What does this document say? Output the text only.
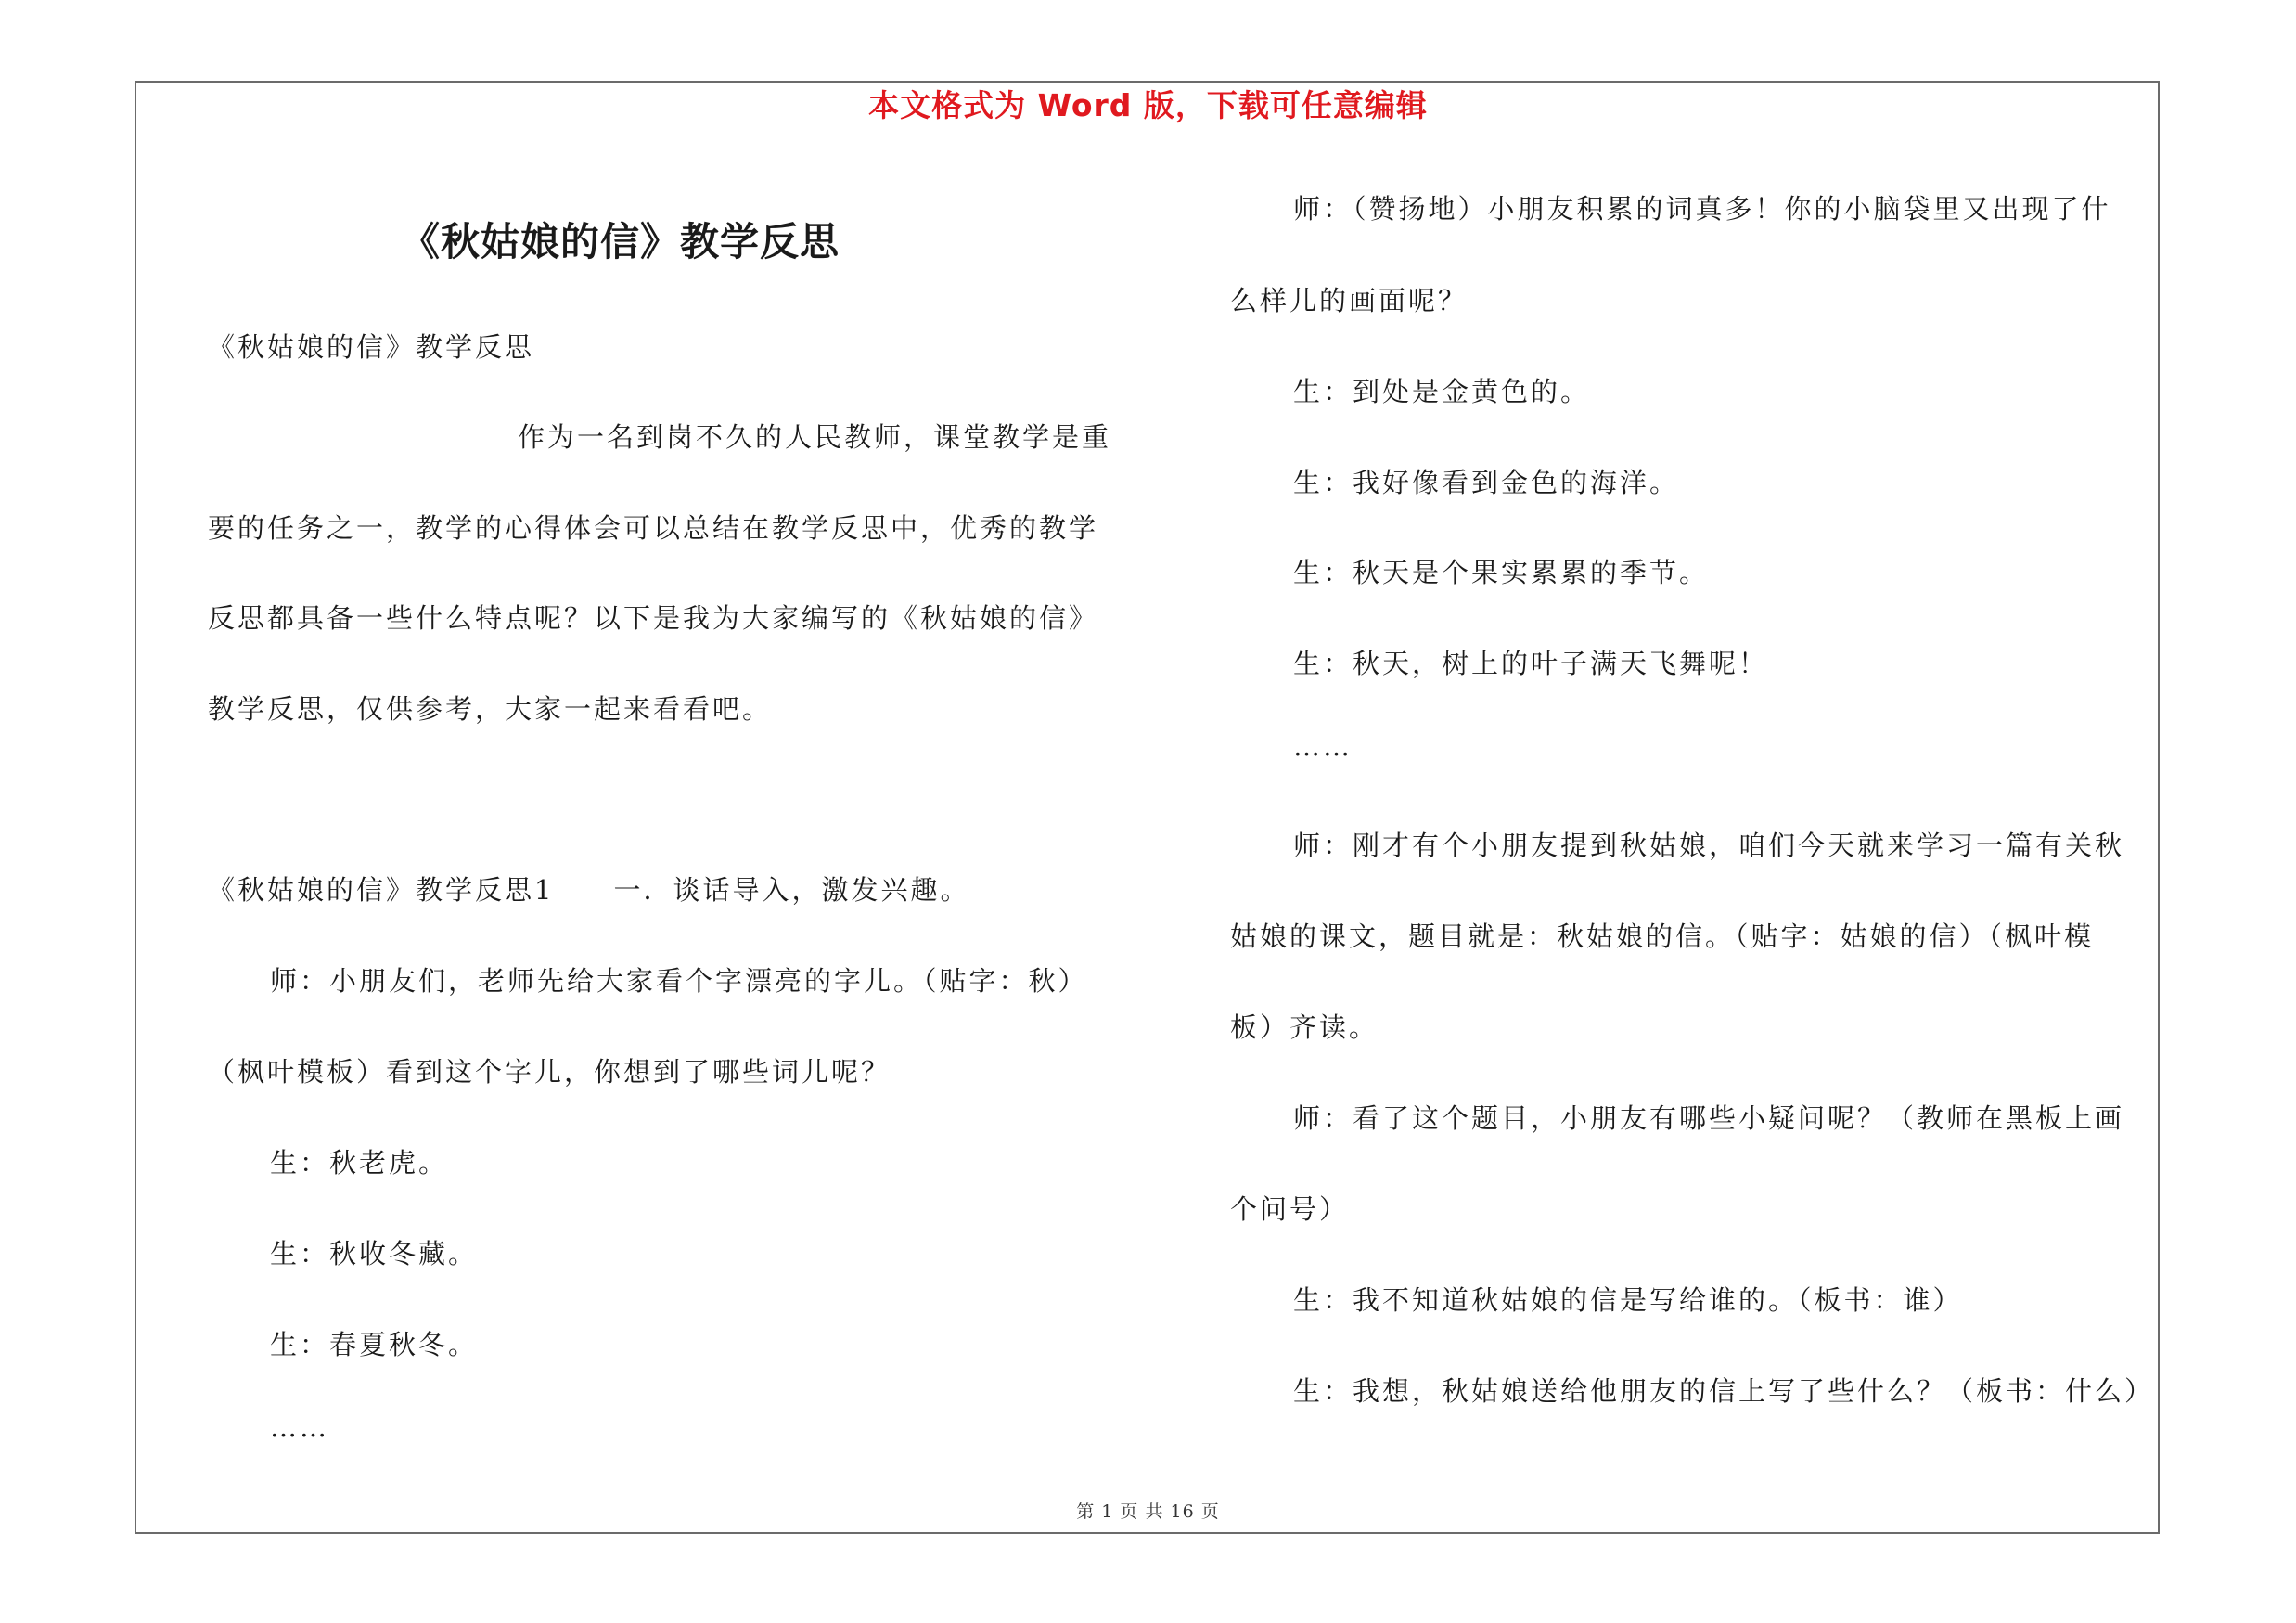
本文格式为 Word 版，下载可任意编辑
《秋姑娘的信》教学反思
《秋姑娘的信》教学反思
作为一名到岗不久的人民教师，课堂教学是重
要的任务之一，教学的心得体会可以总结在教学反思中，优秀的教学
反思都具备一些什么特点呢？以下是我为大家编写的《秋姑娘的信》
教学反思，仅供参考，大家一起来看看吧。
《秋姑娘的信》教学反思1　　一．谈话导入，激发兴趣。
师：小朋友们，老师先给大家看个字漂亮的字儿。（贴字：秋）
（枫叶模板）看到这个字儿，你想到了哪些词儿呢？
生：秋老虎。
生：秋收冬藏。
生：春夏秋冬。
……
师：（赞扬地）小朋友积累的词真多！你的小脑袋里又出现了什
么样儿的画面呢？
生：到处是金黄色的。
生：我好像看到金色的海洋。
生：秋天是个果实累累的季节。
生：秋天，树上的叶子满天飞舞呢！
……
师：刚才有个小朋友提到秋姑娘，咱们今天就来学习一篇有关秋
姑娘的课文，题目就是：秋姑娘的信。（贴字：姑娘的信）（枫叶模
板）齐读。
师：看了这个题目，小朋友有哪些小疑问呢？（教师在黑板上画
个问号）
生：我不知道秋姑娘的信是写给谁的。（板书：谁）
生：我想，秋姑娘送给他朋友的信上写了些什么？（板书：什么）
第 1 页 共 16 页
